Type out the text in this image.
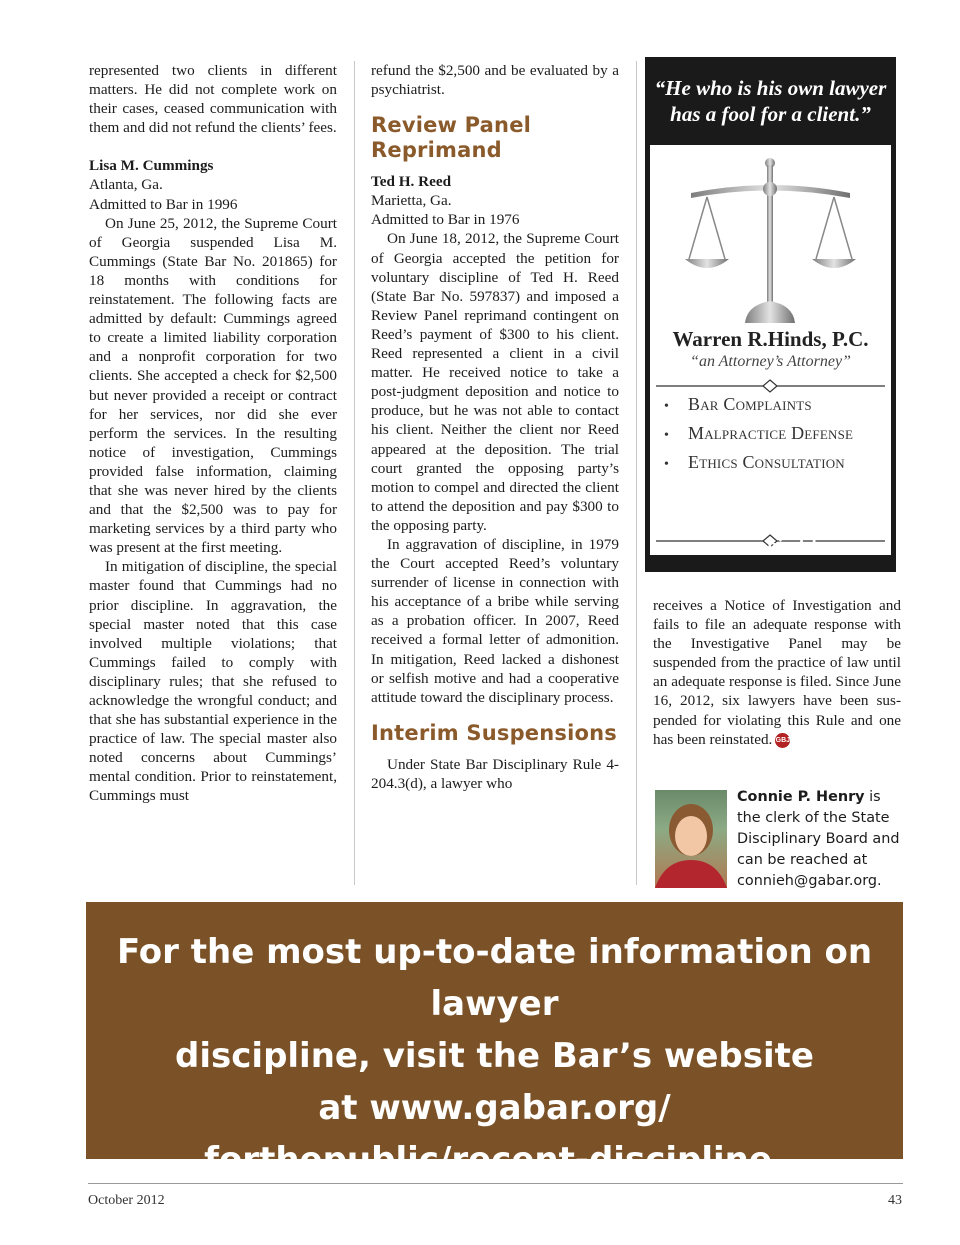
represented two clients in different matters. He did not complete work on their cases, ceased communication with them and did not refund the clients’ fees.

Lisa M. Cummings

Atlanta, Ga.

Admitted to Bar in 1996

On June 25, 2012, the Supreme Court of Georgia suspended Lisa M. Cummings (State Bar No. 201865) for 18 months with conditions for reinstatement. The following facts are admitted by default: Cummings agreed to create a limited liability corporation and a nonprofit corporation for two clients. She accepted a check for $2,500 but never provided a receipt or contract for her services, nor did she ever perform the services. In the resulting notice of investigation, Cummings provided false information, claiming that she was never hired by the clients and that the $2,500 was to pay for marketing services by a third party who was present at the first meeting.

In mitigation of discipline, the special master found that Cummings had no prior discipline. In aggravation, the special master noted that this case involved multiple violations; that Cummings failed to comply with disciplinary rules; that she refused to acknowledge the wrongful conduct; and that she has substantial experience in the practice of law. The special master also noted concerns about Cummings’ mental condition. Prior to reinstatement, Cummings must

refund the $2,500 and be evaluated by a psychiatrist.

Review Panel Reprimand

Ted H. Reed

Marietta, Ga.

Admitted to Bar in 1976

On June 18, 2012, the Supreme Court of Georgia accepted the petition for voluntary discipline of Ted H. Reed (State Bar No. 597837) and imposed a Review Panel reprimand contingent on Reed’s payment of $300 to his client. Reed represented a client in a civil matter. He received notice to take a post-judgment deposition and notice to produce, but he was not able to contact his client. Neither the client nor Reed appeared at the deposition. The trial court granted the opposing party’s motion to compel and directed the client to attend the deposition and pay $300 to the opposing party.

In aggravation of discipline, in 1979 the Court accepted Reed’s voluntary surrender of license in connection with his acceptance of a bribe while serving as a probation officer. In 2007, Reed received a formal letter of admonition. In mitigation, Reed lacked a dishonest or selfish motive and had a cooperative attitude toward the disciplinary process.

Interim Suspensions

Under State Bar Disciplinary Rule 4-204.3(d), a lawyer who

“He who is his own lawyer
has a fool for a client.”
Warren R.Hinds, P.C.
“an Attorney’s Attorney”
• Bar Complaints
• Malpractice Defense
• Ethics Consultation
Call (770) 993-1414
www.warrenhindslaw.com

receives a Notice of Investigation and fails to file an adequate response with the Investigative Panel may be suspended from the practice of law until an adequate response is filed. Since June 16, 2012, six lawyers have been suspended for violating this Rule and one has been reinstated. GBJ

Connie P. Henry is the clerk of the State Disciplinary Board and can be reached at connieh@gabar.org.
For the most up-to-date information on lawyer
discipline, visit the Bar’s website
at www.gabar.org/
forthepublic/recent-discipline.
October 2012	43
